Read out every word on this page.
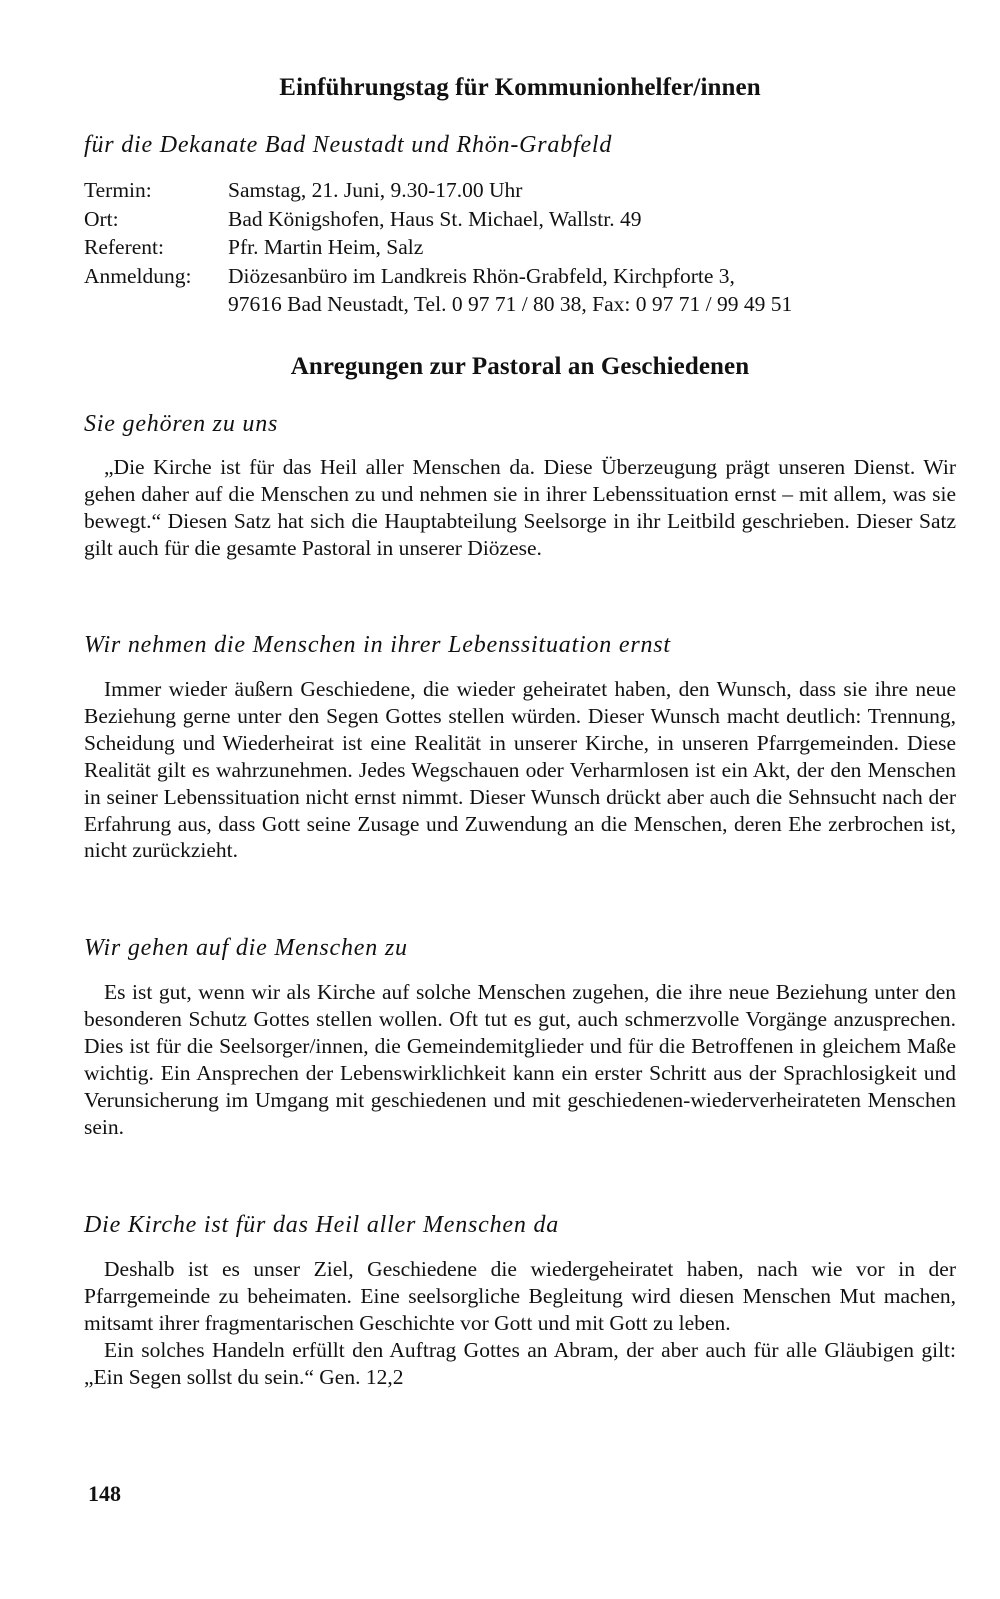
Einführungstag für Kommunionhelfer/innen
für die Dekanate Bad Neustadt und Rhön-Grabfeld
Termin:	Samstag, 21. Juni, 9.30-17.00 Uhr
Ort:	Bad Königshofen, Haus St. Michael, Wallstr. 49
Referent:	Pfr. Martin Heim, Salz
Anmeldung:	Diözesanbüro im Landkreis Rhön-Grabfeld, Kirchpforte 3,
97616 Bad Neustadt, Tel. 0 97 71 / 80 38, Fax: 0 97 71 / 99 49 51
Anregungen zur Pastoral an Geschiedenen
Sie gehören zu uns

„Die Kirche ist für das Heil aller Menschen da. Diese Überzeugung prägt unseren Dienst. Wir gehen daher auf die Menschen zu und nehmen sie in ihrer Lebenssituation ernst – mit allem, was sie bewegt.“ Diesen Satz hat sich die Hauptabteilung Seelsorge in ihr Leitbild geschrieben. Dieser Satz gilt auch für die gesamte Pastoral in unserer Diözese.

Wir nehmen die Menschen in ihrer Lebenssituation ernst

Immer wieder äußern Geschiedene, die wieder geheiratet haben, den Wunsch, dass sie ihre neue Beziehung gerne unter den Segen Gottes stellen würden. Dieser Wunsch macht deutlich: Trennung, Scheidung und Wiederheirat ist eine Realität in unserer Kirche, in unseren Pfarrgemeinden. Diese Realität gilt es wahrzunehmen. Jedes Wegschauen oder Verharmlosen ist ein Akt, der den Menschen in seiner Lebenssituation nicht ernst nimmt. Dieser Wunsch drückt aber auch die Sehnsucht nach der Erfahrung aus, dass Gott seine Zusage und Zuwendung an die Menschen, deren Ehe zerbrochen ist, nicht zurückzieht.

Wir gehen auf die Menschen zu

Es ist gut, wenn wir als Kirche auf solche Menschen zugehen, die ihre neue Beziehung unter den besonderen Schutz Gottes stellen wollen. Oft tut es gut, auch schmerzvolle Vorgänge anzusprechen. Dies ist für die Seelsorger/innen, die Gemeindemitglieder und für die Betroffenen in gleichem Maße wichtig. Ein Ansprechen der Lebenswirklichkeit kann ein erster Schritt aus der Sprachlosigkeit und Verunsicherung im Umgang mit geschiedenen und mit geschiedenen-wiederverheirateten Menschen sein.

Die Kirche ist für das Heil aller Menschen da

Deshalb ist es unser Ziel, Geschiedene die wiedergeheiratet haben, nach wie vor in der Pfarrgemeinde zu beheimaten. Eine seelsorgliche Begleitung wird diesen Menschen Mut machen, mitsamt ihrer fragmentarischen Geschichte vor Gott und mit Gott zu leben.

Ein solches Handeln erfüllt den Auftrag Gottes an Abram, der aber auch für alle Gläubigen gilt: „Ein Segen sollst du sein.“ Gen. 12,2

148
